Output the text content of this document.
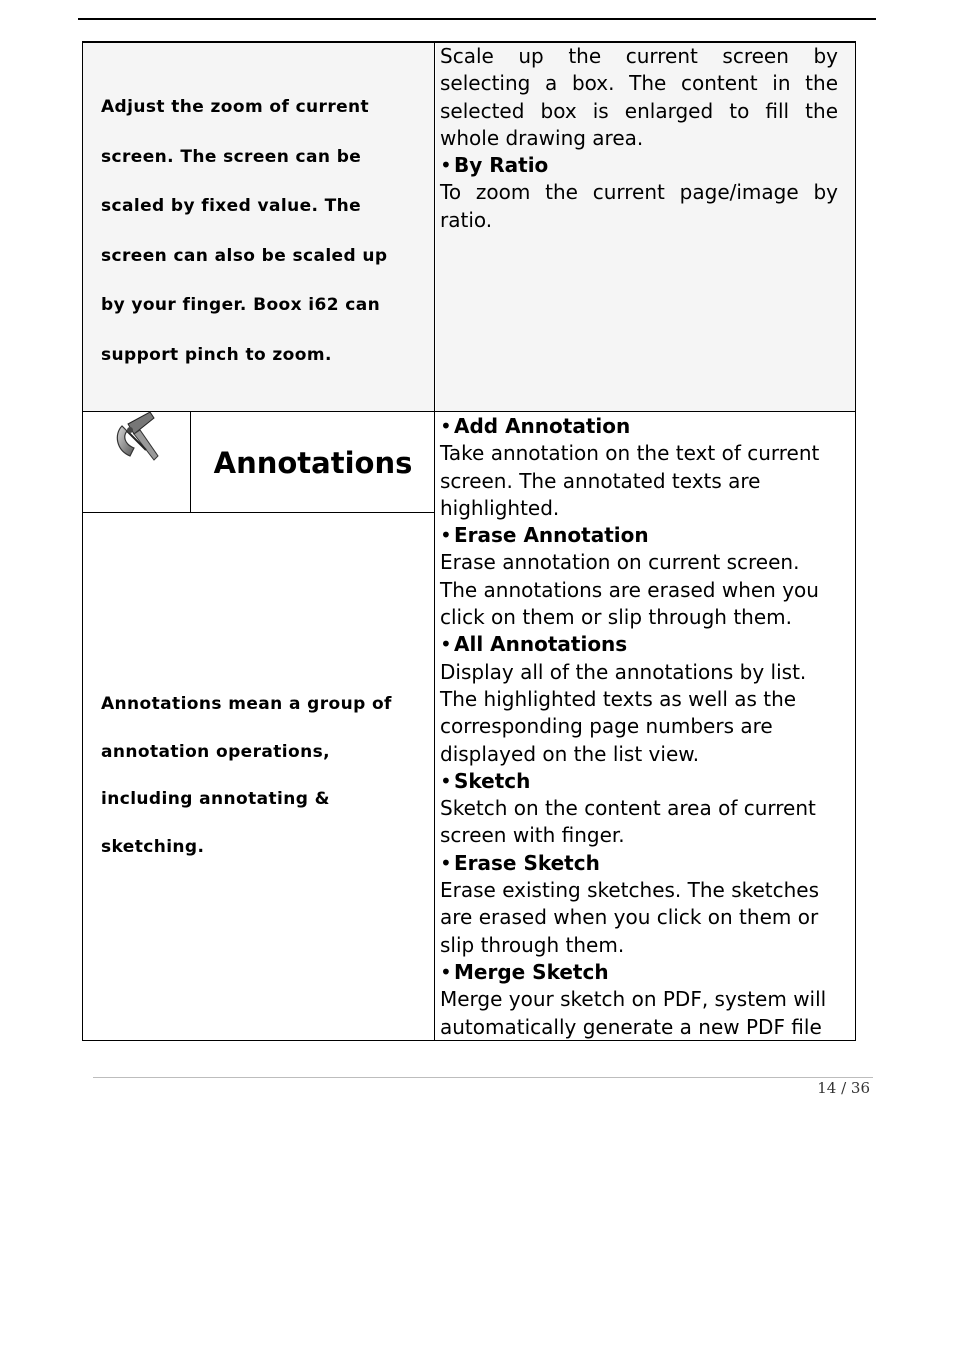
Adjust the zoom of current

screen. The screen can be

scaled by fixed value. The

screen can also be scaled up

by your finger. Boox i62 can

support pinch to zoom.

Scale up the current screen by selecting a box. The content in the selected box is enlarged to fill the whole drawing area.

• By Ratio

To zoom the current page/image by ratio.

Annotations

Annotations mean a group of

annotation operations,

including annotating &

sketching.

• Add Annotation

Take annotation on the text of current

screen. The annotated texts are

highlighted.

• Erase Annotation

Erase annotation on current screen.

The annotations are erased when you

click on them or slip through them.

• All Annotations

Display all of the annotations by list.

The highlighted texts as well as the

corresponding page numbers are

displayed on the list view.

• Sketch

Sketch on the content area of current

screen with finger.

• Erase Sketch

Erase existing sketches. The sketches

are erased when you click on them or

slip through them.

• Merge Sketch

Merge your sketch on PDF, system will

automatically generate a new PDF file

14 / 36
